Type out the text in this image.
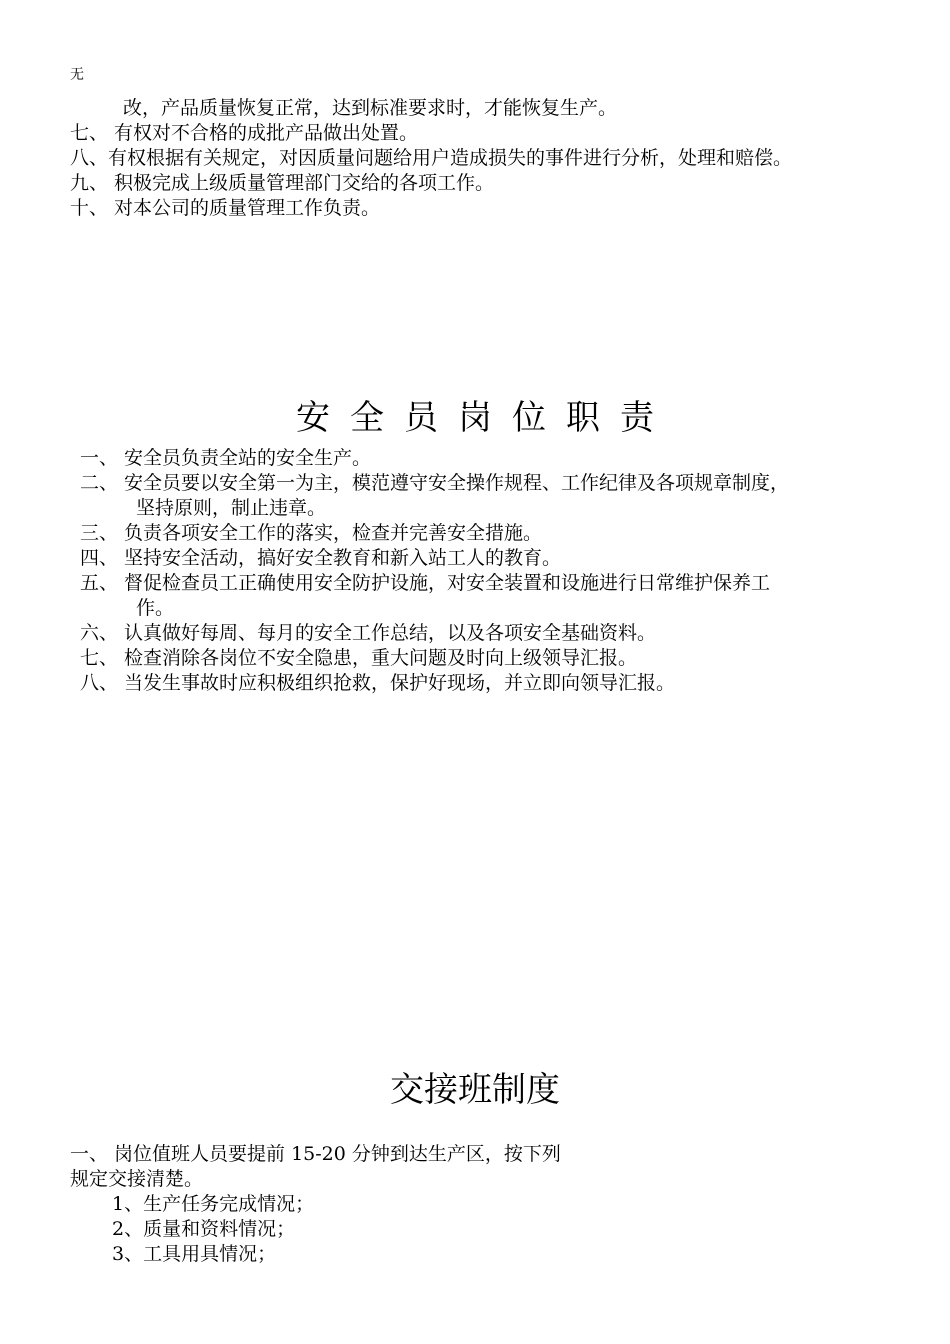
无
改，产品质量恢复正常，达到标准要求时，才能恢复生产。
七、 有权对不合格的成批产品做出处置。
八、有权根据有关规定，对因质量问题给用户造成损失的事件进行分析，处理和赔偿。
九、 积极完成上级质量管理部门交给的各项工作。
十、 对本公司的质量管理工作负责。
安全员岗位职责
一、 安全员负责全站的安全生产。
二、 安全员要以安全第一为主，模范遵守安全操作规程、工作纪律及各项规章制度，
坚持原则，制止违章。
三、 负责各项安全工作的落实，检查并完善安全措施。
四、 坚持安全活动，搞好安全教育和新入站工人的教育。
五、 督促检查员工正确使用安全防护设施，对安全装置和设施进行日常维护保养工
作。
六、 认真做好每周、每月的安全工作总结，以及各项安全基础资料。
七、 检查消除各岗位不安全隐患，重大问题及时向上级领导汇报。
八、 当发生事故时应积极组织抢救，保护好现场，并立即向领导汇报。
交接班制度
一、 岗位值班人员要提前 15-20 分钟到达生产区，按下列
规定交接清楚。
1、生产任务完成情况；
2、质量和资料情况；
3、工具用具情况；
